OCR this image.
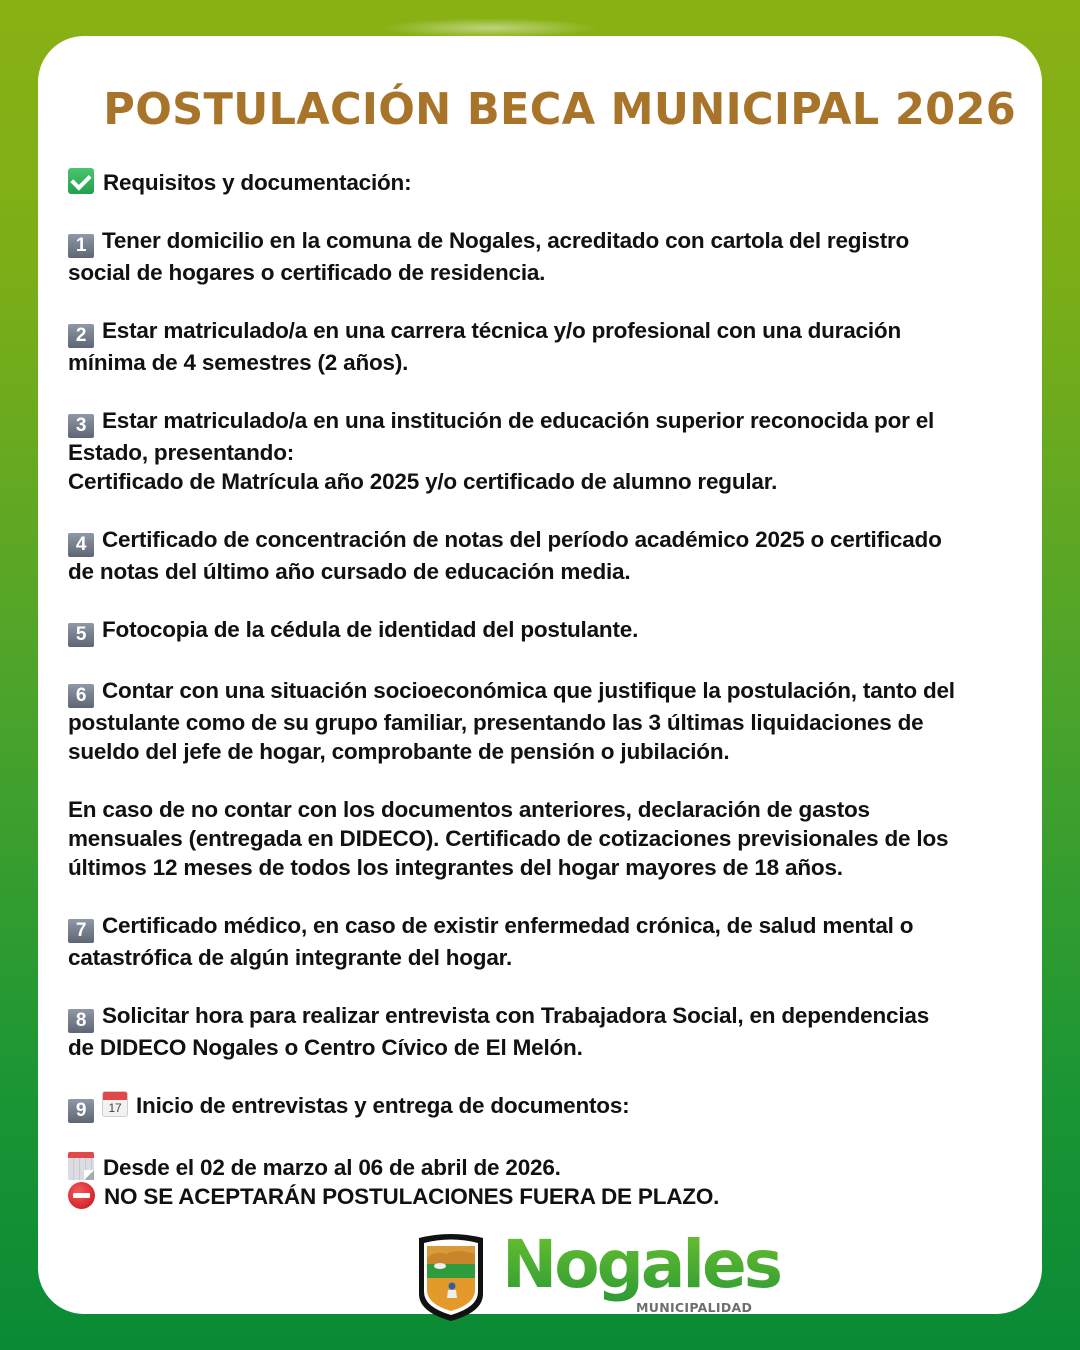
POSTULACIÓN BECA MUNICIPAL 2026
Requisitos y documentación:
1 Tener domicilio en la comuna de Nogales, acreditado con cartola del registro
social de hogares o certificado de residencia.
2 Estar matriculado/a en una carrera técnica y/o profesional con una duración
mínima de 4 semestres (2 años).
3 Estar matriculado/a en una institución de educación superior reconocida por el
Estado, presentando:
Certificado de Matrícula año 2025 y/o certificado de alumno regular.
4 Certificado de concentración de notas del período académico 2025 o certificado
de notas del último año cursado de educación media.
5 Fotocopia de la cédula de identidad del postulante.
6 Contar con una situación socioeconómica que justifique la postulación, tanto del
postulante como de su grupo familiar, presentando las 3 últimas liquidaciones de
sueldo del jefe de hogar, comprobante de pensión o jubilación.
En caso de no contar con los documentos anteriores, declaración de gastos
mensuales (entregada en DIDECO). Certificado de cotizaciones previsionales de los
últimos 12 meses de todos los integrantes del hogar mayores de 18 años.
7 Certificado médico, en caso de existir enfermedad crónica, de salud mental o
catastrófica de algún integrante del hogar.
8 Solicitar hora para realizar entrevista con Trabajadora Social, en dependencias
de DIDECO Nogales o Centro Cívico de El Melón.
9	17 Inicio de entrevistas y entrega de documentos:
Desde el 02 de marzo al 06 de abril de 2026.
NO SE ACEPTARÁN POSTULACIONES FUERA DE PLAZO.
Nogales
MUNICIPALIDAD
